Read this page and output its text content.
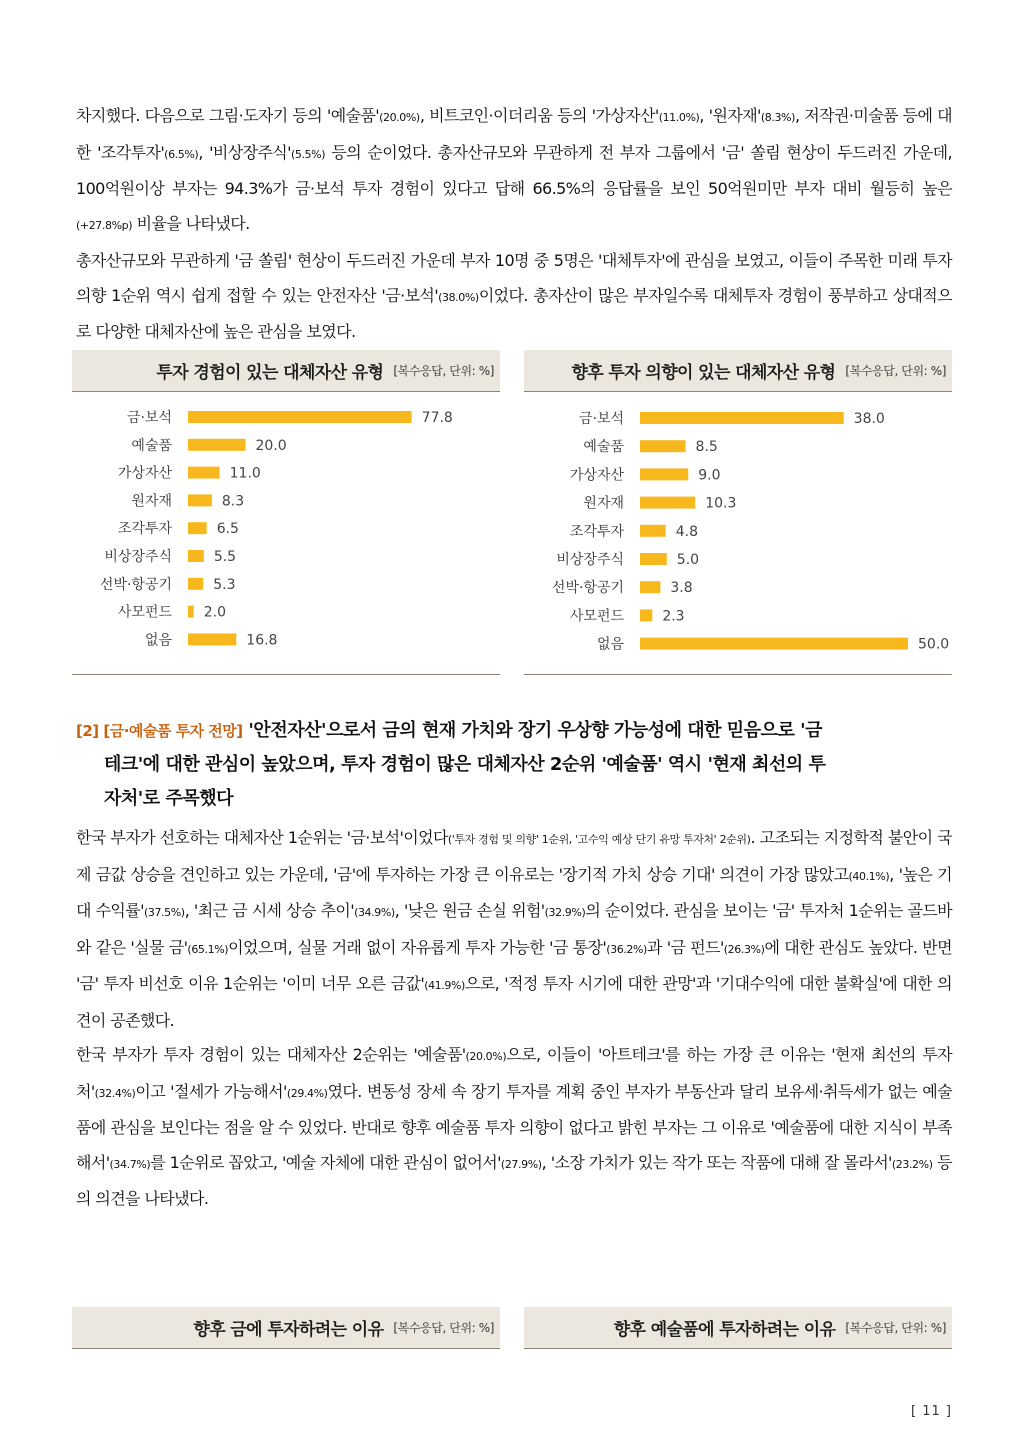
차지했다. 다음으로 그림·도자기 등의 '예술품'(20.0%), 비트코인·이더리움 등의 '가상자산'(11.0%), '원자재'(8.3%), 저작권·미술품 등에 대한 '조각투자'(6.5%), '비상장주식'(5.5%) 등의 순이었다. 총자산규모와 무관하게 전 부자 그룹에서 '금' 쏠림 현상이 두드러진 가운데, 100억원이상 부자는 94.3%가 금·보석 투자 경험이 있다고 답해 66.5%의 응답률을 보인 50억원미만 부자 대비 월등히 높은(+27.8%p) 비율을 나타냈다.

총자산규모와 무관하게 '금 쏠림' 현상이 두드러진 가운데 부자 10명 중 5명은 '대체투자'에 관심을 보였고, 이들이 주목한 미래 투자 의향 1순위 역시 쉽게 접할 수 있는 안전자산 '금·보석'(38.0%)이었다. 총자산이 많은 부자일수록 대체투자 경험이 풍부하고 상대적으로 다양한 대체자산에 높은 관심을 보였다.

투자 경험이 있는 대체자산 유형 [복수응답, 단위: %]
금·보석	77.8
예술품	20.0
가상자산	11.0
원자재	8.3
조각투자	6.5
비상장주식	5.5
선박·항공기	5.3
사모펀드 2.0
없음	16.8
향후 투자 의향이 있는 대체자산 유형 [복수응답, 단위: %]
금·보석	38.0
예술품	8.5
가상자산	9.0
원자재	10.3
조각투자	4.8
비상장주식	5.0
선박·항공기	3.8
사모펀드	2.3
없음	50.0
[2] [금·예술품 투자 전망] '안전자산'으로서 금의 현재 가치와 장기 우상향 가능성에 대한 믿음으로 '금
테크'에 대한 관심이 높았으며, 투자 경험이 많은 대체자산 2순위 '예술품' 역시 '현재 최선의 투
자처'로 주목했다

한국 부자가 선호하는 대체자산 1순위는 '금·보석'이었다('투자 경험 및 의향' 1순위, '고수익 예상 단기 유망 투자처' 2순위). 고조되는 지정학적 불안이 국제 금값 상승을 견인하고 있는 가운데, '금'에 투자하는 가장 큰 이유로는 '장기적 가치 상승 기대' 의견이 가장 많았고(40.1%), '높은 기대 수익률'(37.5%), '최근 금 시세 상승 추이'(34.9%), '낮은 원금 손실 위험'(32.9%)의 순이었다. 관심을 보이는 '금' 투자처 1순위는 골드바와 같은 '실물 금'(65.1%)이었으며, 실물 거래 없이 자유롭게 투자 가능한 '금 통장'(36.2%)과 '금 펀드'(26.3%)에 대한 관심도 높았다. 반면 '금' 투자 비선호 이유 1순위는 '이미 너무 오른 금값'(41.9%)으로, '적정 투자 시기에 대한 관망'과 '기대수익에 대한 불확실'에 대한 의견이 공존했다.

한국 부자가 투자 경험이 있는 대체자산 2순위는 '예술품'(20.0%)으로, 이들이 '아트테크'를 하는 가장 큰 이유는 '현재 최선의 투자처'(32.4%)이고 '절세가 가능해서'(29.4%)였다. 변동성 장세 속 장기 투자를 계획 중인 부자가 부동산과 달리 보유세·취득세가 없는 예술품에 관심을 보인다는 점을 알 수 있었다. 반대로 향후 예술품 투자 의향이 없다고 밝힌 부자는 그 이유로 '예술품에 대한 지식이 부족해서'(34.7%)를 1순위로 꼽았고, '예술 자체에 대한 관심이 없어서'(27.9%), '소장 가치가 있는 작가 또는 작품에 대해 잘 몰라서'(23.2%) 등의 의견을 나타냈다.

향후 금에 투자하려는 이유 [복수응답, 단위: %]	향후 예술품에 투자하려는 이유 [복수응답, 단위: %]
[ 11 ]
